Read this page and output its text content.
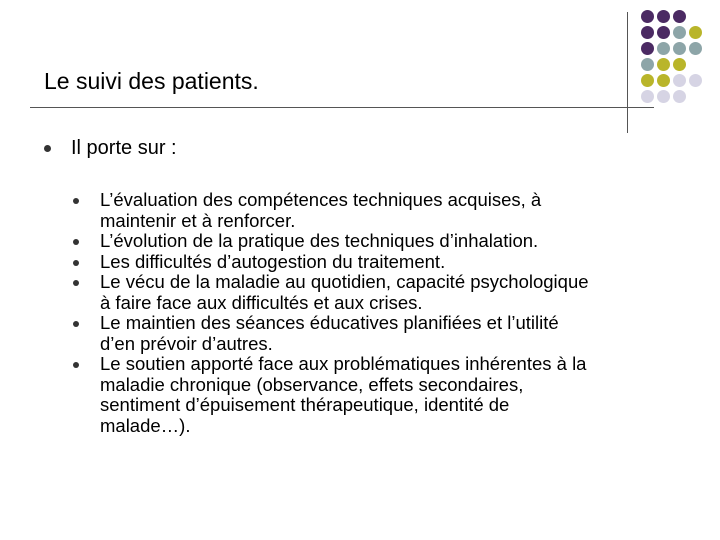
Le suivi des patients.
Il porte sur :
L’évaluation des compétences techniques acquises, à
maintenir et à renforcer.
L’évolution de la pratique des techniques d’inhalation.
Les difficultés d’autogestion du traitement.
Le vécu de la maladie au quotidien, capacité psychologique
à faire face aux difficultés et aux crises.
Le maintien des séances éducatives planifiées et l’utilité
d’en prévoir d’autres.
Le soutien apporté face aux problématiques inhérentes à la
maladie chronique (observance, effets secondaires,
sentiment d’épuisement thérapeutique, identité de
malade…).
